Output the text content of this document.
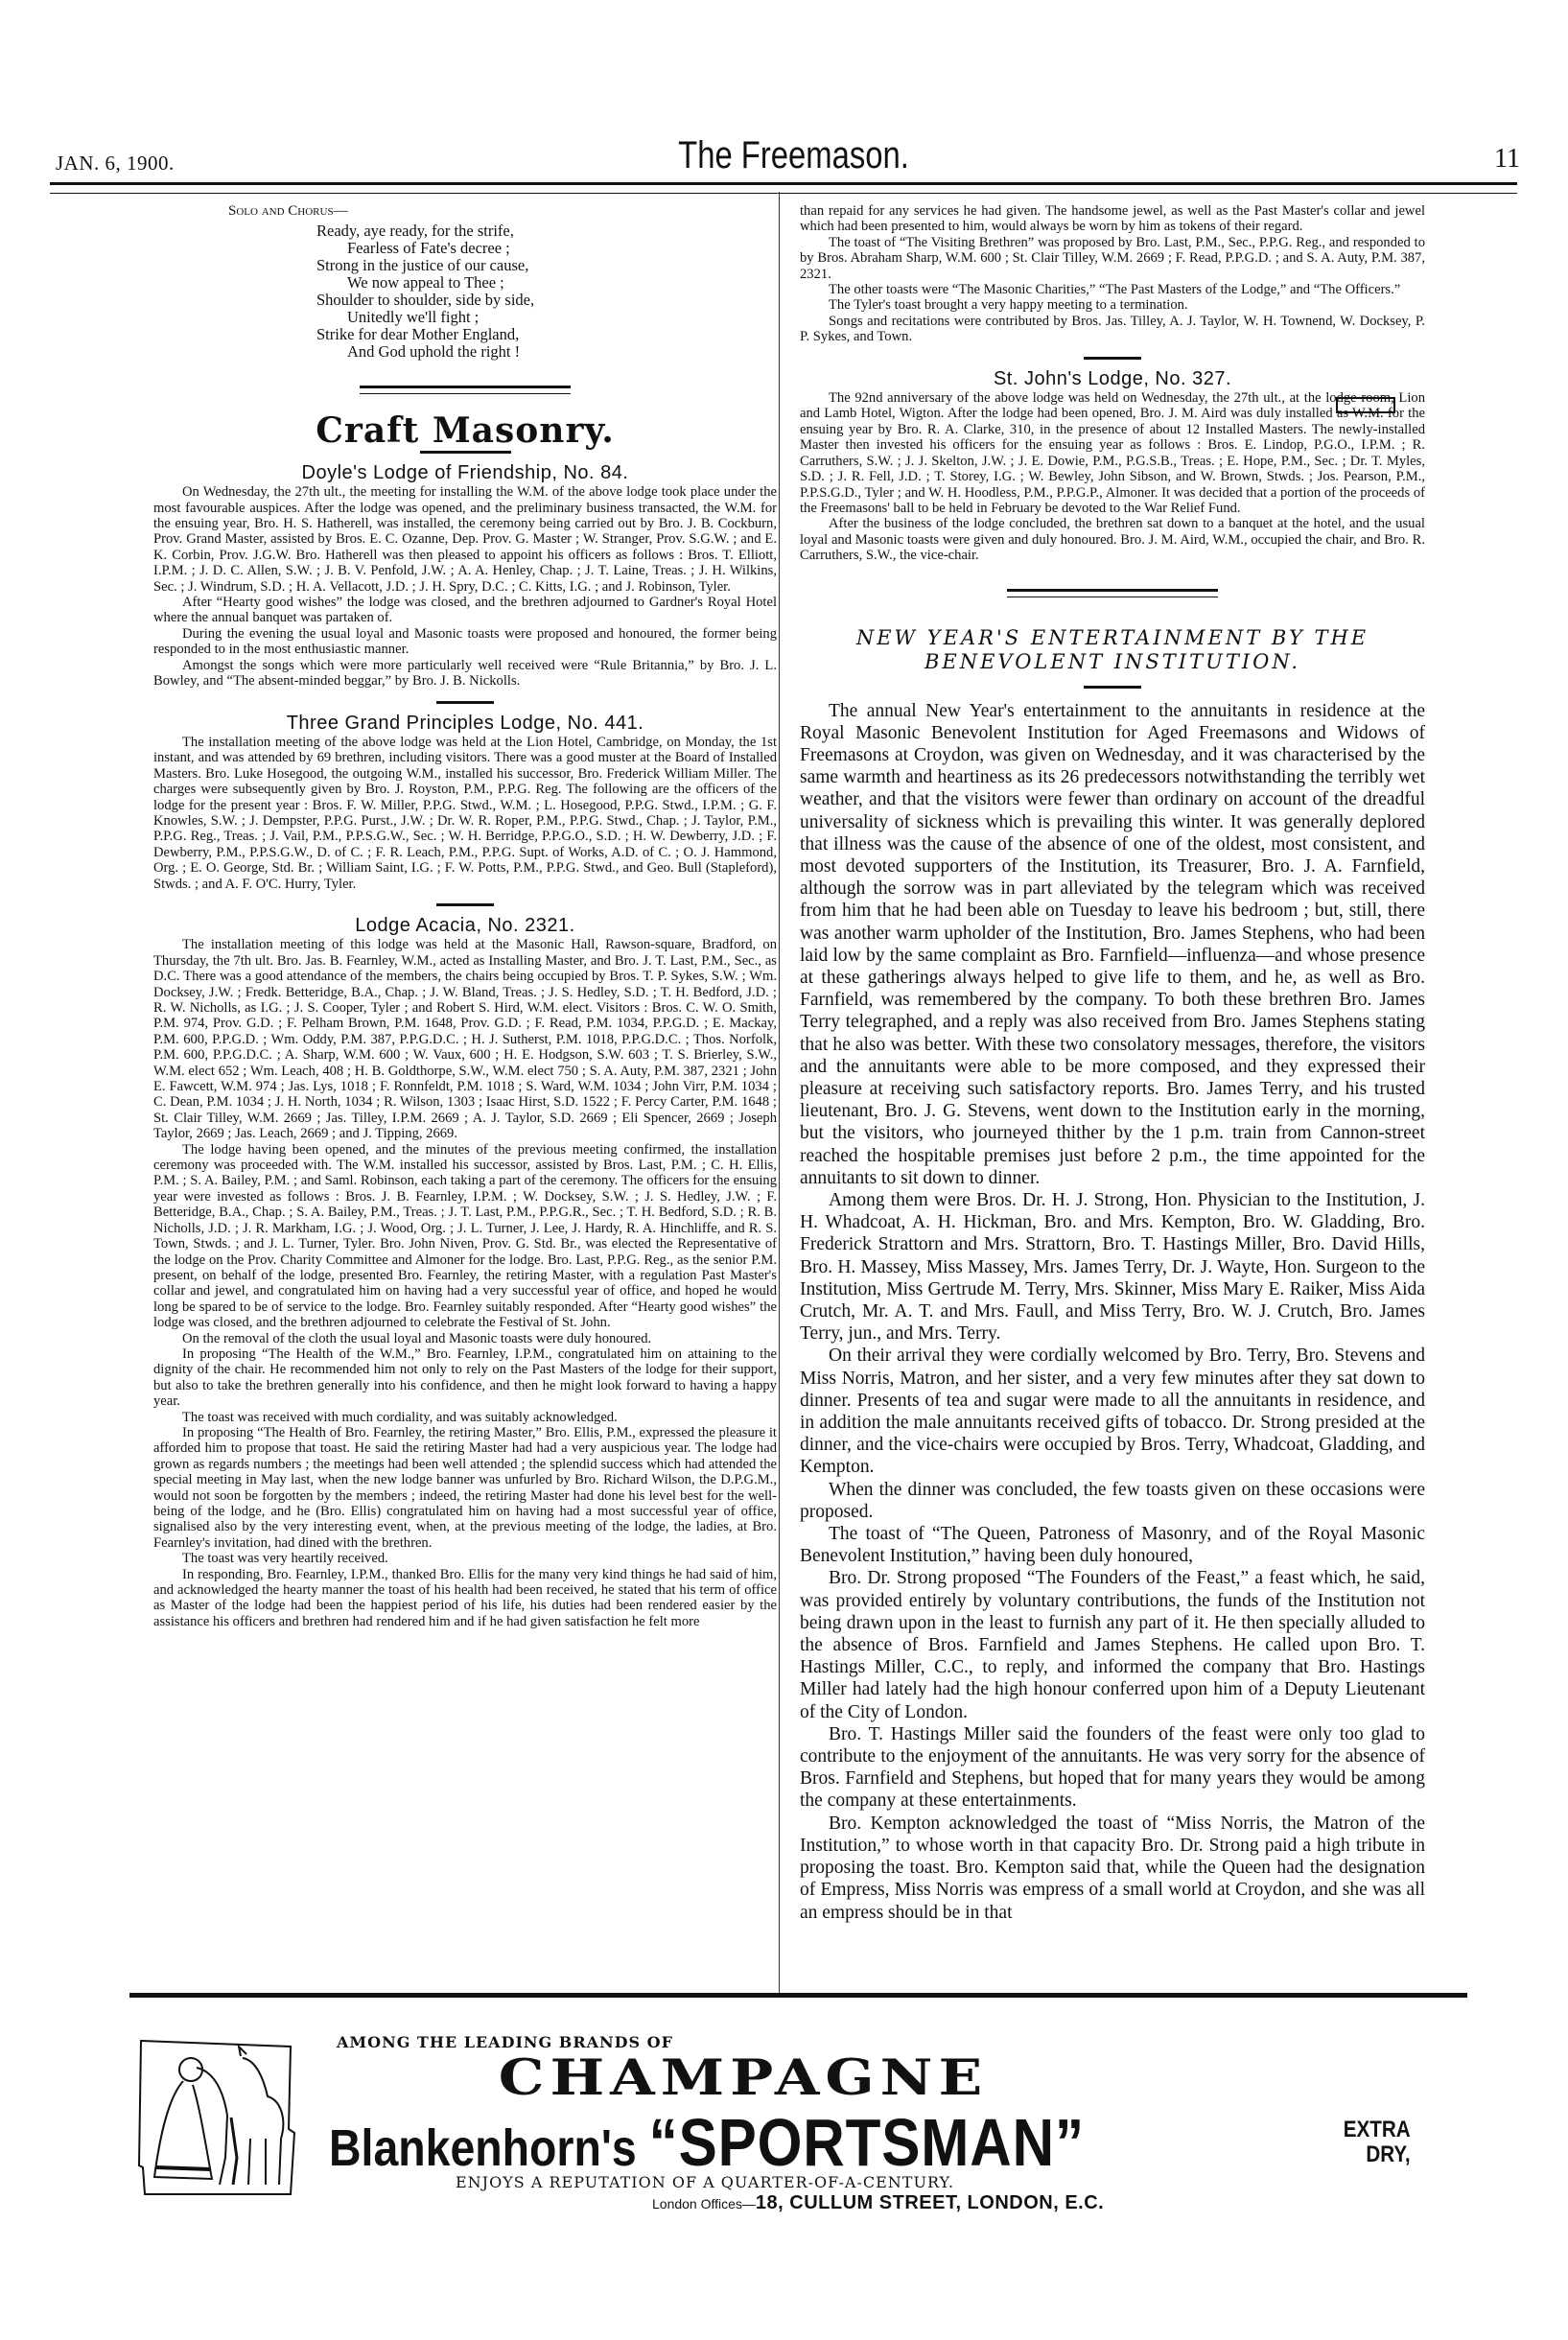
JAN. 6, 1900.	The Freemason.	11
Solo and Chorus—
Ready, aye ready, for the strife,
Fearless of Fate's decree ;
Strong in the justice of our cause,
We now appeal to Thee ;
Shoulder to shoulder, side by side,
Unitedly we'll fight ;
Strike for dear Mother England,
And God uphold the right !
Craft Masonry.
Doyle's Lodge of Friendship, No. 84.

On Wednesday, the 27th ult., the meeting for installing the W.M. of the above lodge took place under the most favourable auspices. After the lodge was opened, and the preliminary business transacted, the W.M. for the ensuing year, Bro. H. S. Hatherell, was installed, the ceremony being carried out by Bro. J. B. Cockburn, Prov. Grand Master, assisted by Bros. E. C. Ozanne, Dep. Prov. G. Master ; W. Stranger, Prov. S.G.W. ; and E. K. Corbin, Prov. J.G.W. Bro. Hatherell was then pleased to appoint his officers as follows : Bros. T. Elliott, I.P.M. ; J. D. C. Allen, S.W. ; J. B. V. Penfold, J.W. ; A. A. Henley, Chap. ; J. T. Laine, Treas. ; J. H. Wilkins, Sec. ; J. Windrum, S.D. ; H. A. Vellacott, J.D. ; J. H. Spry, D.C. ; C. Kitts, I.G. ; and J. Robinson, Tyler.

After “Hearty good wishes” the lodge was closed, and the brethren adjourned to Gardner's Royal Hotel where the annual banquet was partaken of.

During the evening the usual loyal and Masonic toasts were proposed and honoured, the former being responded to in the most enthusiastic manner.

Amongst the songs which were more particularly well received were “Rule Britannia,” by Bro. J. L. Bowley, and “The absent-minded beggar,” by Bro. J. B. Nickolls.

Three Grand Principles Lodge, No. 441.

The installation meeting of the above lodge was held at the Lion Hotel, Cambridge, on Monday, the 1st instant, and was attended by 69 brethren, including visitors. There was a good muster at the Board of Installed Masters. Bro. Luke Hosegood, the outgoing W.M., installed his successor, Bro. Frederick William Miller. The charges were subsequently given by Bro. J. Royston, P.M., P.P.G. Reg. The following are the officers of the lodge for the present year : Bros. F. W. Miller, P.P.G. Stwd., W.M. ; L. Hosegood, P.P.G. Stwd., I.P.M. ; G. F. Knowles, S.W. ; J. Dempster, P.P.G. Purst., J.W. ; Dr. W. R. Roper, P.M., P.P.G. Stwd., Chap. ; J. Taylor, P.M., P.P.G. Reg., Treas. ; J. Vail, P.M., P.P.S.G.W., Sec. ; W. H. Berridge, P.P.G.O., S.D. ; H. W. Dewberry, J.D. ; F. Dewberry, P.M., P.P.S.G.W., D. of C. ; F. R. Leach, P.M., P.P.G. Supt. of Works, A.D. of C. ; O. J. Hammond, Org. ; E. O. George, Std. Br. ; William Saint, I.G. ; F. W. Potts, P.M., P.P.G. Stwd., and Geo. Bull (Stapleford), Stwds. ; and A. F. O'C. Hurry, Tyler.

Lodge Acacia, No. 2321.

The installation meeting of this lodge was held at the Masonic Hall, Rawson-square, Bradford, on Thursday, the 7th ult. Bro. Jas. B. Fearnley, W.M., acted as Installing Master, and Bro. J. T. Last, P.M., Sec., as D.C. There was a good attendance of the members, the chairs being occupied by Bros. T. P. Sykes, S.W. ; Wm. Docksey, J.W. ; Fredk. Betteridge, B.A., Chap. ; J. W. Bland, Treas. ; J. S. Hedley, S.D. ; T. H. Bedford, J.D. ; R. W. Nicholls, as I.G. ; J. S. Cooper, Tyler ; and Robert S. Hird, W.M. elect. Visitors : Bros. C. W. O. Smith, P.M. 974, Prov. G.D. ; F. Pelham Brown, P.M. 1648, Prov. G.D. ; F. Read, P.M. 1034, P.P.G.D. ; E. Mackay, P.M. 600, P.P.G.D. ; Wm. Oddy, P.M. 387, P.P.G.D.C. ; H. J. Sutherst, P.M. 1018, P.P.G.D.C. ; Thos. Norfolk, P.M. 600, P.P.G.D.C. ; A. Sharp, W.M. 600 ; W. Vaux, 600 ; H. E. Hodgson, S.W. 603 ; T. S. Brierley, S.W., W.M. elect 652 ; Wm. Leach, 408 ; H. B. Goldthorpe, S.W., W.M. elect 750 ; S. A. Auty, P.M. 387, 2321 ; John E. Fawcett, W.M. 974 ; Jas. Lys, 1018 ; F. Ronnfeldt, P.M. 1018 ; S. Ward, W.M. 1034 ; John Virr, P.M. 1034 ; C. Dean, P.M. 1034 ; J. H. North, 1034 ; R. Wilson, 1303 ; Isaac Hirst, S.D. 1522 ; F. Percy Carter, P.M. 1648 ; St. Clair Tilley, W.M. 2669 ; Jas. Tilley, I.P.M. 2669 ; A. J. Taylor, S.D. 2669 ; Eli Spencer, 2669 ; Joseph Taylor, 2669 ; Jas. Leach, 2669 ; and J. Tipping, 2669.

The lodge having been opened, and the minutes of the previous meeting confirmed, the installation ceremony was proceeded with. The W.M. installed his successor, assisted by Bros. Last, P.M. ; C. H. Ellis, P.M. ; S. A. Bailey, P.M. ; and Saml. Robinson, each taking a part of the ceremony. The officers for the ensuing year were invested as follows : Bros. J. B. Fearnley, I.P.M. ; W. Docksey, S.W. ; J. S. Hedley, J.W. ; F. Betteridge, B.A., Chap. ; S. A. Bailey, P.M., Treas. ; J. T. Last, P.M., P.P.G.R., Sec. ; T. H. Bedford, S.D. ; R. B. Nicholls, J.D. ; J. R. Markham, I.G. ; J. Wood, Org. ; J. L. Turner, J. Lee, J. Hardy, R. A. Hinchliffe, and R. S. Town, Stwds. ; and J. L. Turner, Tyler. Bro. John Niven, Prov. G. Std. Br., was elected the Representative of the lodge on the Prov. Charity Committee and Almoner for the lodge. Bro. Last, P.P.G. Reg., as the senior P.M. present, on behalf of the lodge, presented Bro. Fearnley, the retiring Master, with a regulation Past Master's collar and jewel, and congratulated him on having had a very successful year of office, and hoped he would long be spared to be of service to the lodge. Bro. Fearnley suitably responded. After “Hearty good wishes” the lodge was closed, and the brethren adjourned to celebrate the Festival of St. John.

On the removal of the cloth the usual loyal and Masonic toasts were duly honoured.

In proposing “The Health of the W.M.,” Bro. Fearnley, I.P.M., congratulated him on attaining to the dignity of the chair. He recommended him not only to rely on the Past Masters of the lodge for their support, but also to take the brethren generally into his confidence, and then he might look forward to having a happy year.

The toast was received with much cordiality, and was suitably acknowledged.

In proposing “The Health of Bro. Fearnley, the retiring Master,” Bro. Ellis, P.M., expressed the pleasure it afforded him to propose that toast. He said the retiring Master had had a very auspicious year. The lodge had grown as regards numbers ; the meetings had been well attended ; the splendid success which had attended the special meeting in May last, when the new lodge banner was unfurled by Bro. Richard Wilson, the D.P.G.M., would not soon be forgotten by the members ; indeed, the retiring Master had done his level best for the well-being of the lodge, and he (Bro. Ellis) congratulated him on having had a most successful year of office, signalised also by the very interesting event, when, at the previous meeting of the lodge, the ladies, at Bro. Fearnley's invitation, had dined with the brethren.

The toast was very heartily received.

In responding, Bro. Fearnley, I.P.M., thanked Bro. Ellis for the many very kind things he had said of him, and acknowledged the hearty manner the toast of his health had been received, he stated that his term of office as Master of the lodge had been the happiest period of his life, his duties had been rendered easier by the assistance his officers and brethren had rendered him and if he had given satisfaction he felt more

than repaid for any services he had given. The handsome jewel, as well as the Past Master's collar and jewel which had been presented to him, would always be worn by him as tokens of their regard.

The toast of “The Visiting Brethren” was proposed by Bro. Last, P.M., Sec., P.P.G. Reg., and responded to by Bros. Abraham Sharp, W.M. 600 ; St. Clair Tilley, W.M. 2669 ; F. Read, P.P.G.D. ; and S. A. Auty, P.M. 387, 2321.

The other toasts were “The Masonic Charities,” “The Past Masters of the Lodge,” and “The Officers.”

The Tyler's toast brought a very happy meeting to a termination.

Songs and recitations were contributed by Bros. Jas. Tilley, A. J. Taylor, W. H. Townend, W. Docksey, P. P. Sykes, and Town.

St. John's Lodge, No. 327.

The 92nd anniversary of the above lodge was held on Wednesday, the 27th ult., at the lodge room, Lion and Lamb Hotel, Wigton. After the lodge had been opened, Bro. J. M. Aird was duly installed as W.M. for the ensuing year by Bro. R. A. Clarke, 310, in the presence of about 12 Installed Masters. The newly-installed Master then invested his officers for the ensuing year as follows : Bros. E. Lindop, P.G.O., I.P.M. ; R. Carruthers, S.W. ; J. J. Skelton, J.W. ; J. E. Dowie, P.M., P.G.S.B., Treas. ; E. Hope, P.M., Sec. ; Dr. T. Myles, S.D. ; J. R. Fell, J.D. ; T. Storey, I.G. ; W. Bewley, John Sibson, and W. Brown, Stwds. ; Jos. Pearson, P.M., P.P.S.G.D., Tyler ; and W. H. Hoodless, P.M., P.P.G.P., Almoner. It was decided that a portion of the proceeds of the Freemasons' ball to be held in February be devoted to the War Relief Fund.

After the business of the lodge concluded, the brethren sat down to a banquet at the hotel, and the usual loyal and Masonic toasts were given and duly honoured. Bro. J. M. Aird, W.M., occupied the chair, and Bro. R. Carruthers, S.W., the vice-chair.

NEW YEAR'S ENTERTAINMENT BY THE
BENEVOLENT INSTITUTION.

The annual New Year's entertainment to the annuitants in residence at the Royal Masonic Benevolent Institution for Aged Freemasons and Widows of Freemasons at Croydon, was given on Wednesday, and it was characterised by the same warmth and heartiness as its 26 predecessors notwithstanding the terribly wet weather, and that the visitors were fewer than ordinary on account of the dreadful universality of sickness which is prevailing this winter. It was generally deplored that illness was the cause of the absence of one of the oldest, most consistent, and most devoted supporters of the Institution, its Treasurer, Bro. J. A. Farnfield, although the sorrow was in part alleviated by the telegram which was received from him that he had been able on Tuesday to leave his bedroom ; but, still, there was another warm upholder of the Institution, Bro. James Stephens, who had been laid low by the same complaint as Bro. Farnfield—influenza—and whose presence at these gatherings always helped to give life to them, and he, as well as Bro. Farnfield, was remembered by the company. To both these brethren Bro. James Terry telegraphed, and a reply was also received from Bro. James Stephens stating that he also was better. With these two consolatory messages, therefore, the visitors and the annuitants were able to be more composed, and they expressed their pleasure at receiving such satisfactory reports. Bro. James Terry, and his trusted lieutenant, Bro. J. G. Stevens, went down to the Institution early in the morning, but the visitors, who journeyed thither by the 1 p.m. train from Cannon-street reached the hospitable premises just before 2 p.m., the time appointed for the annuitants to sit down to dinner.

Among them were Bros. Dr. H. J. Strong, Hon. Physician to the Institution, J. H. Whadcoat, A. H. Hickman, Bro. and Mrs. Kempton, Bro. W. Gladding, Bro. Frederick Strattorn and Mrs. Strattorn, Bro. T. Hastings Miller, Bro. David Hills, Bro. H. Massey, Miss Massey, Mrs. James Terry, Dr. J. Wayte, Hon. Surgeon to the Institution, Miss Gertrude M. Terry, Mrs. Skinner, Miss Mary E. Raiker, Miss Aida Crutch, Mr. A. T. and Mrs. Faull, and Miss Terry, Bro. W. J. Crutch, Bro. James Terry, jun., and Mrs. Terry.

On their arrival they were cordially welcomed by Bro. Terry, Bro. Stevens and Miss Norris, Matron, and her sister, and a very few minutes after they sat down to dinner. Presents of tea and sugar were made to all the annuitants in residence, and in addition the male annuitants received gifts of tobacco. Dr. Strong presided at the dinner, and the vice-chairs were occupied by Bros. Terry, Whadcoat, Gladding, and Kempton.

When the dinner was concluded, the few toasts given on these occasions were proposed.

The toast of “The Queen, Patroness of Masonry, and of the Royal Masonic Benevolent Institution,” having been duly honoured,

Bro. Dr. Strong proposed “The Founders of the Feast,” a feast which, he said, was provided entirely by voluntary contributions, the funds of the Institution not being drawn upon in the least to furnish any part of it. He then specially alluded to the absence of Bros. Farnfield and James Stephens. He called upon Bro. T. Hastings Miller, C.C., to reply, and informed the company that Bro. Hastings Miller had lately had the high honour conferred upon him of a Deputy Lieutenant of the City of London.

Bro. T. Hastings Miller said the founders of the feast were only too glad to contribute to the enjoyment of the annuitants. He was very sorry for the absence of Bros. Farnfield and Stephens, but hoped that for many years they would be among the company at these entertainments.

Bro. Kempton acknowledged the toast of “Miss Norris, the Matron of the Institution,” to whose worth in that capacity Bro. Dr. Strong paid a high tribute in proposing the toast. Bro. Kempton said that, while the Queen had the designation of Empress, Miss Norris was empress of a small world at Croydon, and she was all an empress should be in that

AMONG THE LEADING BRANDS OF
CHAMPAGNE
Blankenhorn's “SPORTSMAN”	EXTRA
DRY,
ENJOYS A REPUTATION OF A QUARTER-OF-A-CENTURY.
London Offices—18, CULLUM STREET, LONDON, E.C.
